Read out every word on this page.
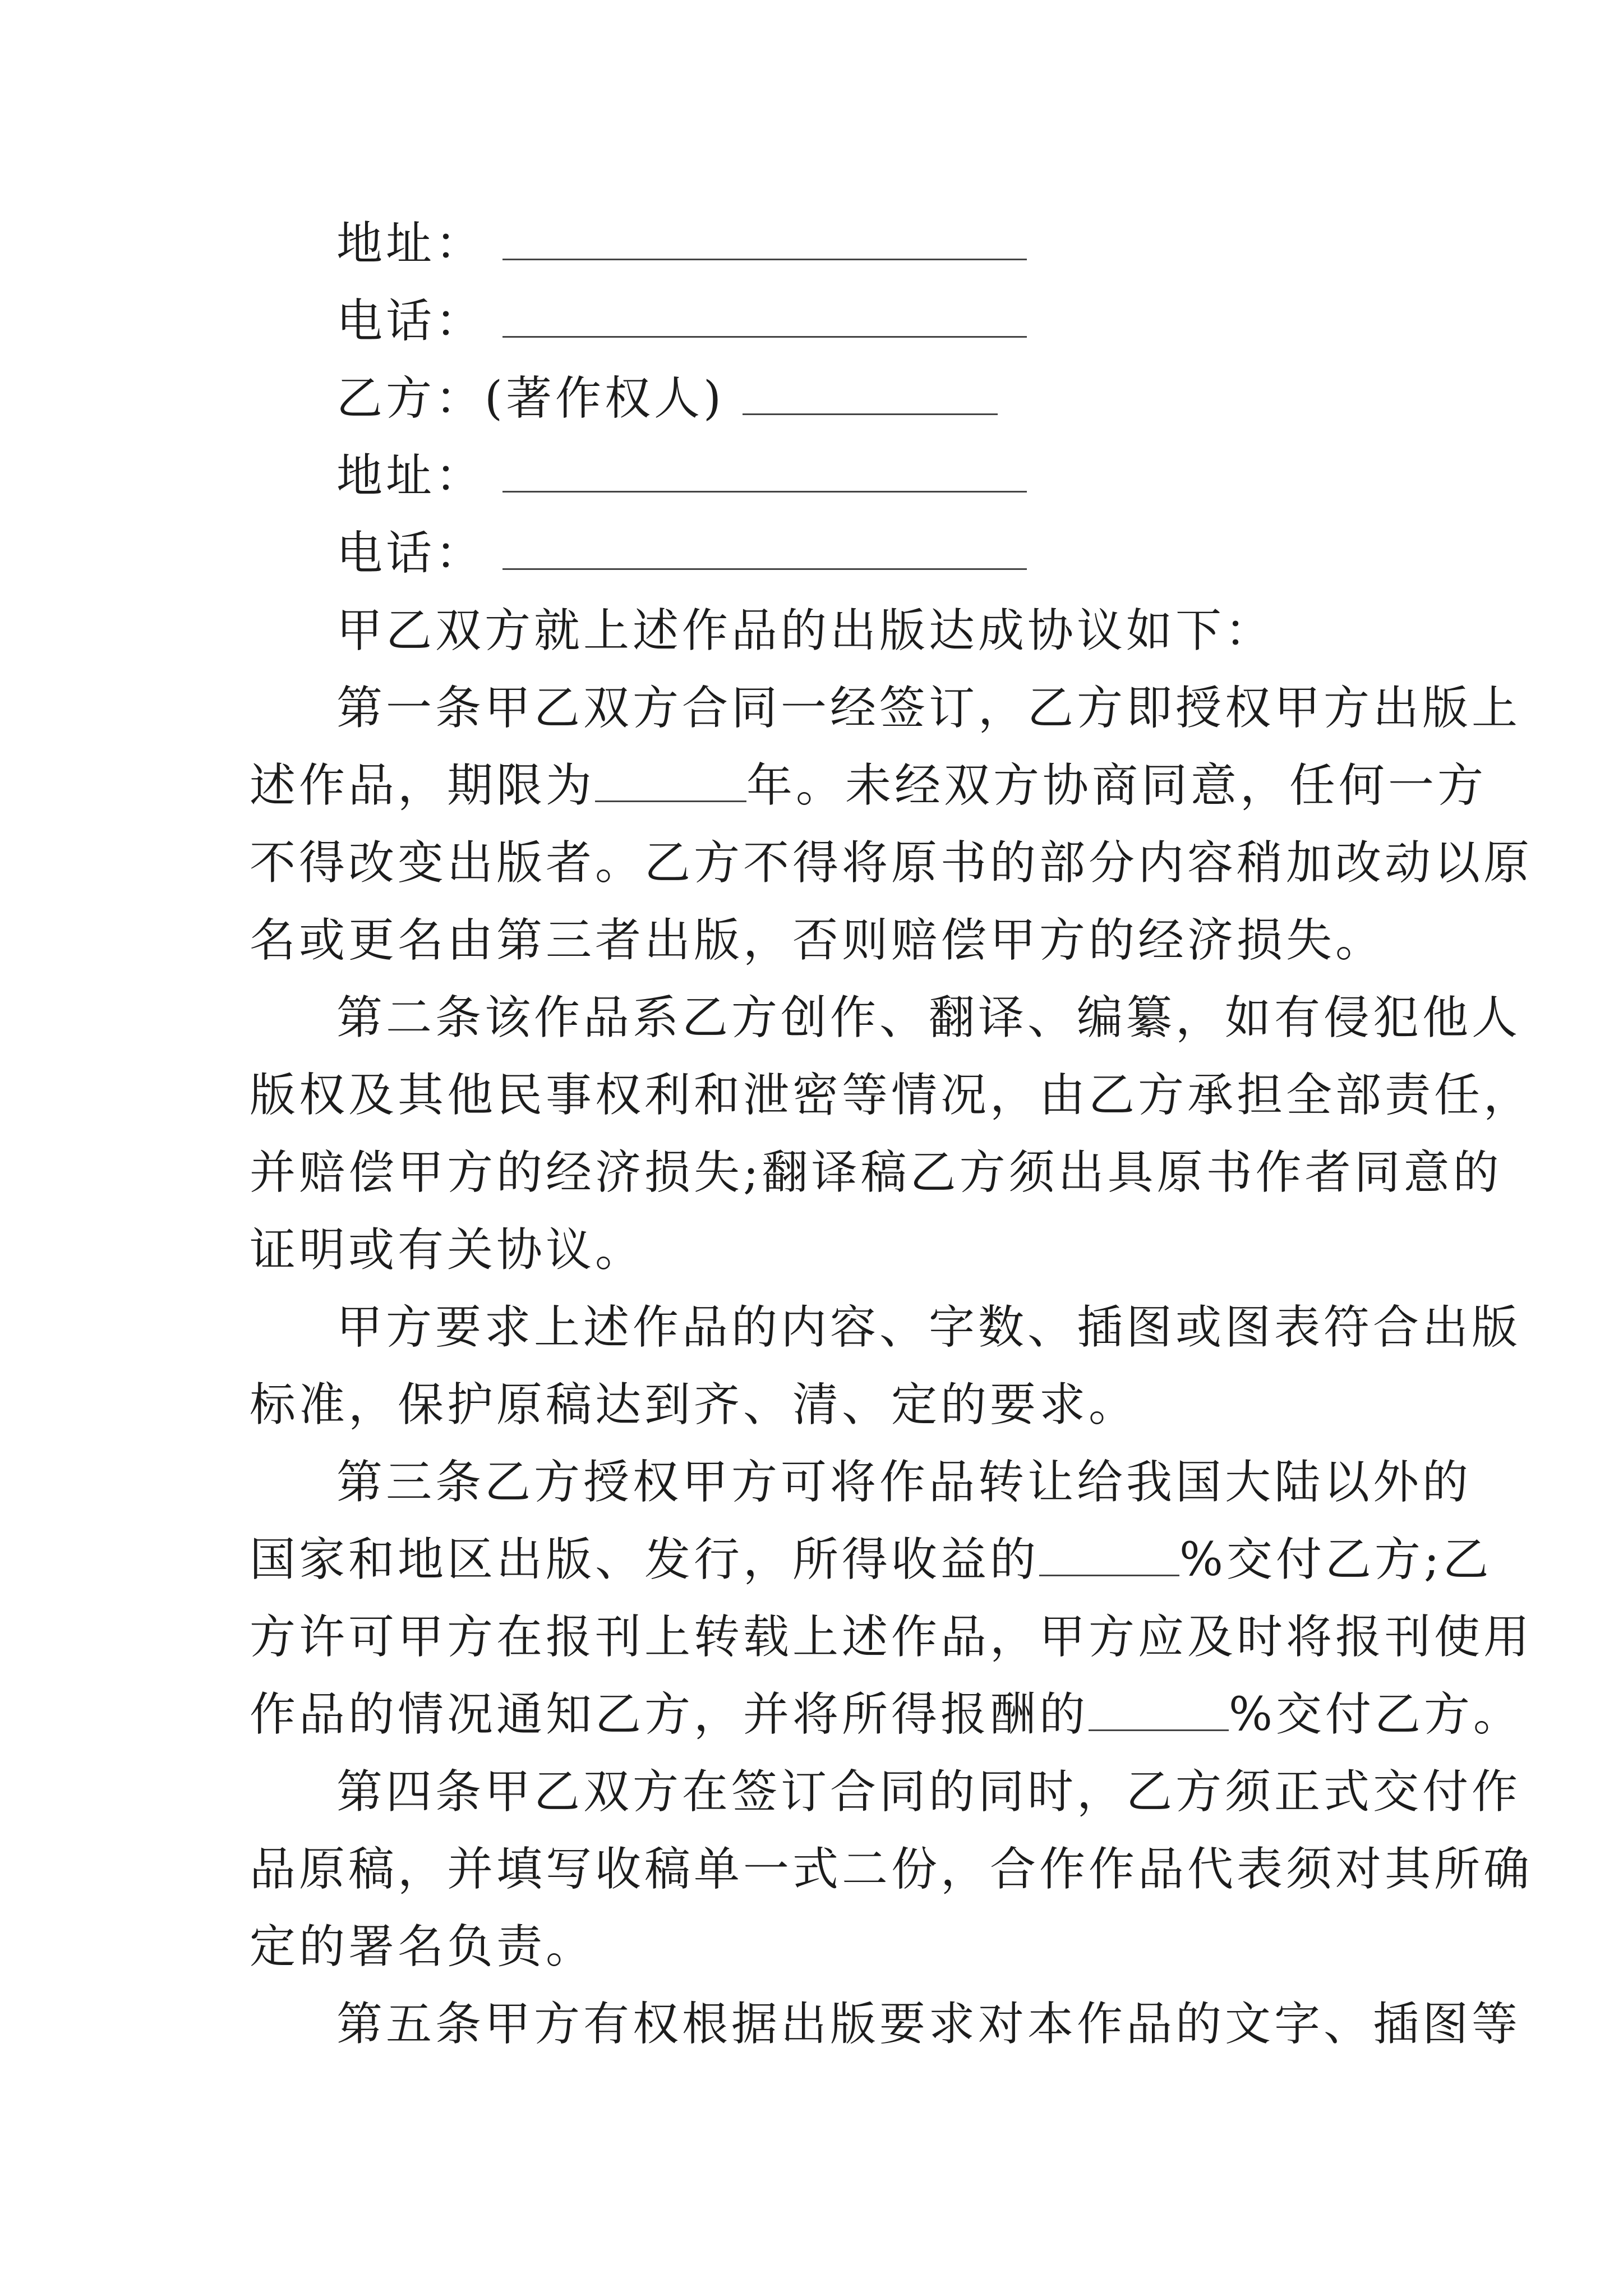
地址：
电话：
乙方：(著作权人)
地址：
电话：
甲乙双方就上述作品的出版达成协议如下：
第一条甲乙双方合同一经签订，乙方即授权甲方出版上
述作品，期限为	年。未经双方协商同意，任何一方
不得改变出版者。乙方不得将原书的部分内容稍加改动以原
名或更名由第三者出版，否则赔偿甲方的经济损失。
第二条该作品系乙方创作、翻译、编纂，如有侵犯他人
版权及其他民事权利和泄密等情况，由乙方承担全部责任，
并赔偿甲方的经济损失;翻译稿乙方须出具原书作者同意的
证明或有关协议。
甲方要求上述作品的内容、字数、插图或图表符合出版
标准，保护原稿达到齐、清、定的要求。
第三条乙方授权甲方可将作品转让给我国大陆以外的
国家和地区出版、发行，所得收益的	%交付乙方;乙
方许可甲方在报刊上转载上述作品，甲方应及时将报刊使用
作品的情况通知乙方，并将所得报酬的	%交付乙方。
第四条甲乙双方在签订合同的同时，乙方须正式交付作
品原稿，并填写收稿单一式二份，合作作品代表须对其所确
定的署名负责。
第五条甲方有权根据出版要求对本作品的文字、插图等
